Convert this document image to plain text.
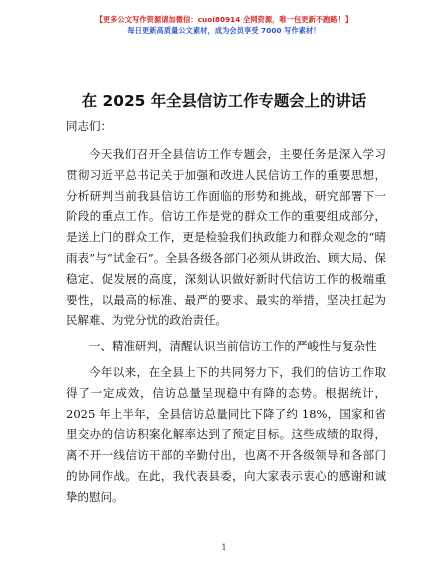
【更多公文写作资源请加微信：cuoi80914 全网资源，唯一包更新不跑路！】
每日更新高质量公文素材，成为会员享受 7000 写作素材！
在 2025 年全县信访工作专题会上的讲话
同志们：

今天我们召开全县信访工作专题会，主要任务是深入学习贯彻习近平总书记关于加强和改进人民信访工作的重要思想，分析研判当前我县信访工作面临的形势和挑战，研究部署下一阶段的重点工作。信访工作是党的群众工作的重要组成部分，是送上门的群众工作，更是检验我们执政能力和群众观念的“晴雨表”与“试金石”。全县各级各部门必须从讲政治、顾大局、保稳定、促发展的高度，深刻认识做好新时代信访工作的极端重要性，以最高的标准、最严的要求、最实的举措，坚决扛起为民解难、为党分忧的政治责任。

一、精准研判，清醒认识当前信访工作的严峻性与复杂性

今年以来，在全县上下的共同努力下，我们的信访工作取得了一定成效，信访总量呈现稳中有降的态势。根据统计，2025 年上半年，全县信访总量同比下降了约 18%，国家和省里交办的信访积案化解率达到了预定目标。这些成绩的取得，离不开一线信访干部的辛勤付出，也离不开各级领导和各部门的协同作战。在此，我代表县委，向大家表示衷心的感谢和诚挚的慰问。

1
